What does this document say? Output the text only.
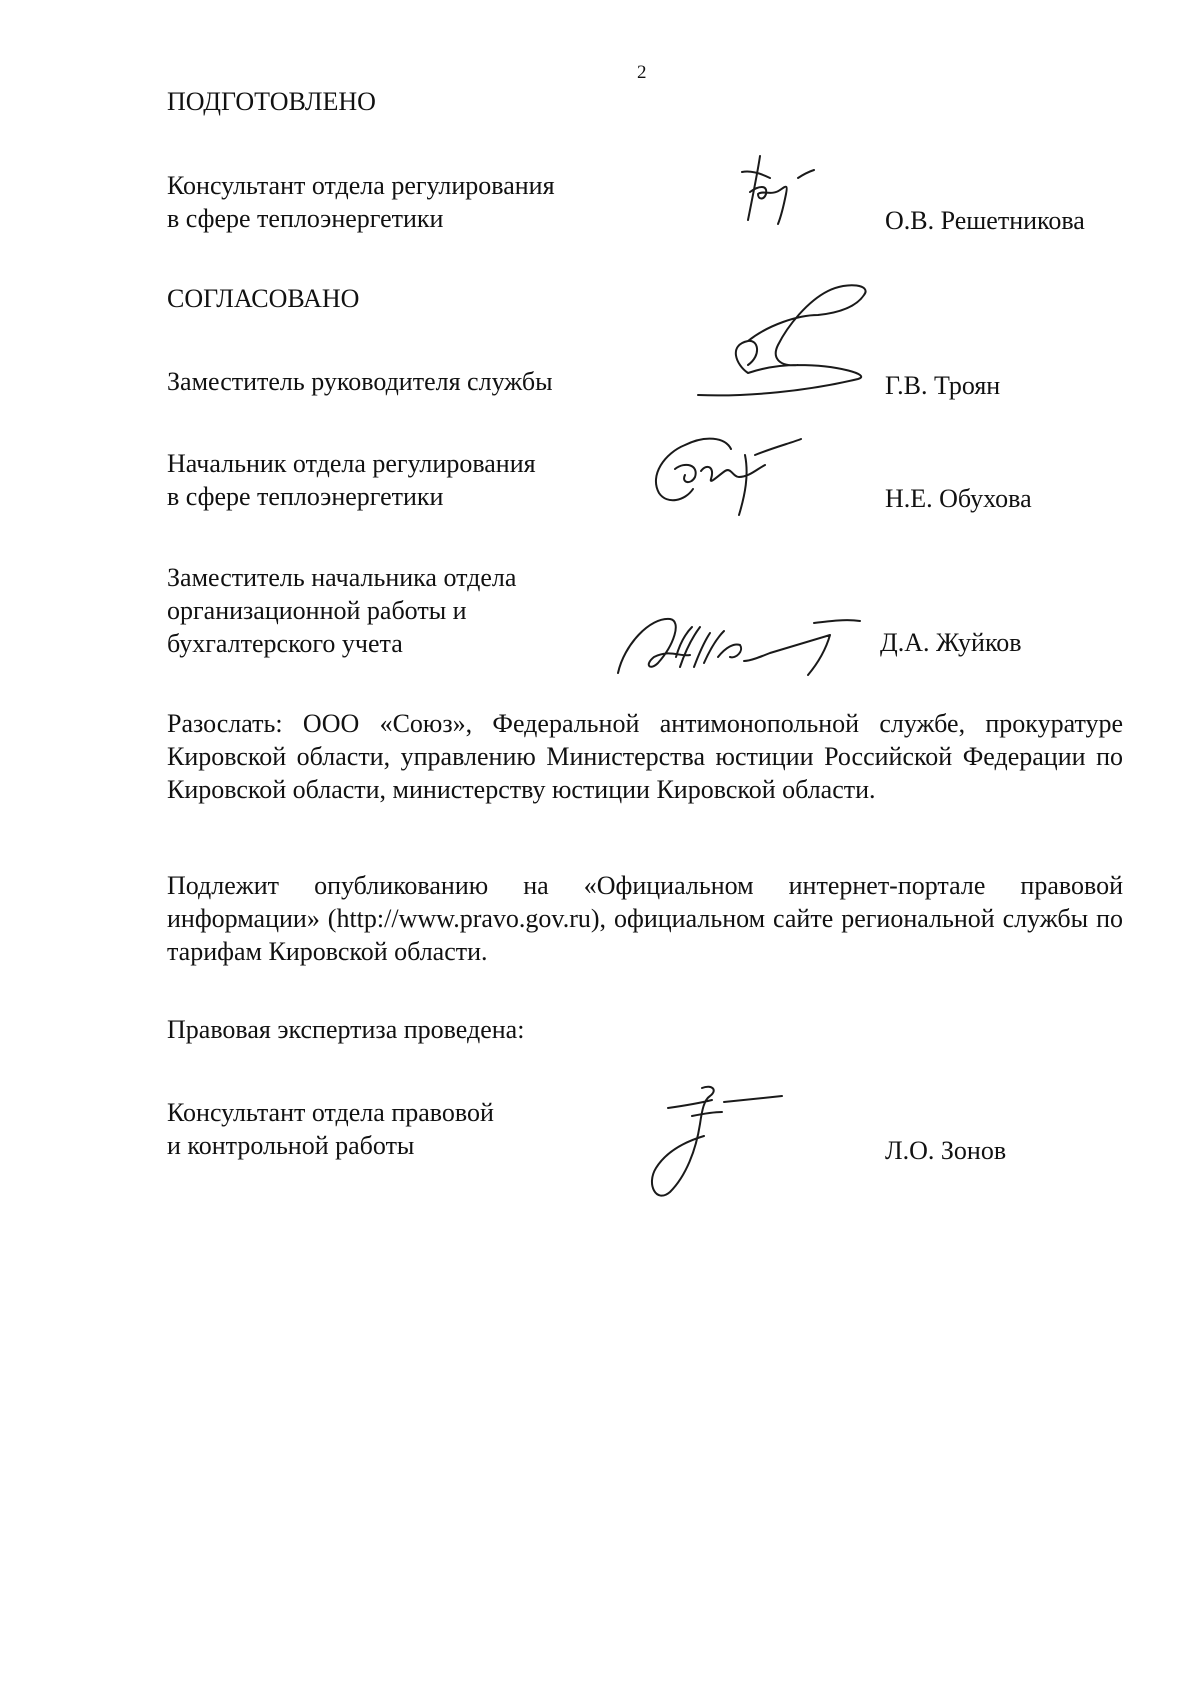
2
ПОДГОТОВЛЕНО
Консультант отдела регулирования
в сфере теплоэнергетики	О.В. Решетникова
СОГЛАСОВАНО
Заместитель руководителя службы	Г.В. Троян
Начальник отдела регулирования
в сфере теплоэнергетики	Н.Е. Обухова
Заместитель начальника отдела
организационной работы и
бухгалтерского учета	Д.А. Жуйков
Разослать: ООО «Союз», Федеральной антимонопольной службе, прокуратуре Кировской области, управлению Министерства юстиции Российской Федерации по Кировской области, министерству юстиции Кировской области.
Подлежит опубликованию на «Официальном интернет-портале правовой информации» (http://www.pravo.gov.ru), официальном сайте региональной службы по тарифам Кировской области.
Правовая экспертиза проведена:
Консультант отдела правовой
и контрольной работы	Л.О. Зонов
